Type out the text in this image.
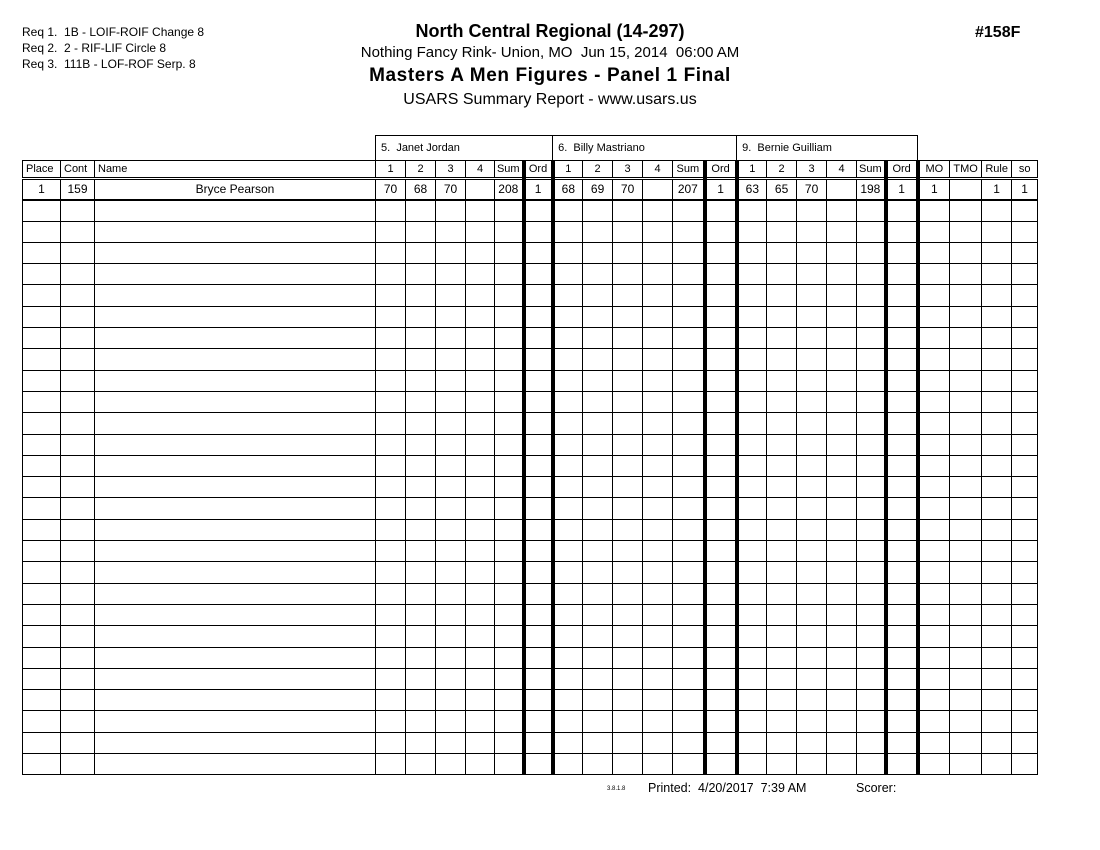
Req 1.  1B - LOIF-ROIF Change 8
Req 2.  2 - RIF-LIF Circle 8
Req 3.  111B - LOF-ROF Serp. 8
North Central Regional (14-297)
Nothing Fancy Rink- Union, MO  Jun 15, 2014  06:00 AM
Masters A Men Figures - Panel 1 Final
USARS Summary Report - www.usars.us
#158F
			5.  Janet Jordan						6.  Billy Mastriano						9.  Bernie Guilliam									
Place	Cont	Name	1	2	3	4	Sum	Ord	1	2	3	4	Sum	Ord	1	2	3	4	Sum	Ord	MO	TMO	Rule	so
1	159	Bryce Pearson	70	68	70		208	1	68	69	70		207	1	63	65	70		198	1	1		1	1

3.8.1.8 Printed:  4/20/2017  7:39 AM	Scorer:
